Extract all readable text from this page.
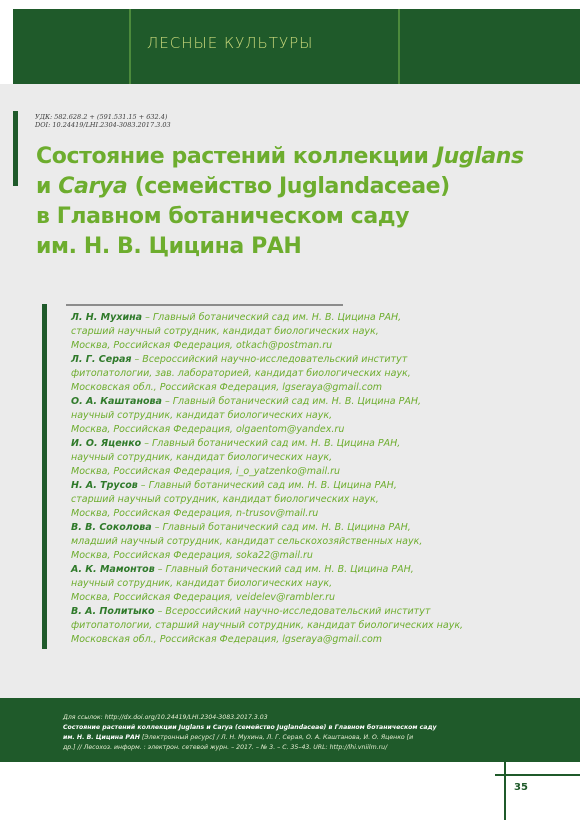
ЛЕСНЫЕ КУЛЬТУРЫ
УДК: 582.628.2 + (591.531.15 + 632.4)
DOI: 10.24419/LHI.2304-3083.2017.3.03
Состояние растений коллекции Juglans
и Carya (семейство Juglandaceae)
в Главном ботаническом саду
им. Н. В. Цицина РАН
Л. Н. Мухина – Главный ботанический сад им. Н. В. Цицина РАН,
старший научный сотрудник, кандидат биологических наук,
Москва, Российская Федерация, otkach@postman.ru
Л. Г. Серая – Всероссийский научно-исследовательский институт
фитопатологии, зав. лабораторией, кандидат биологических наук,
Московская обл., Российская Федерация, lgseraya@gmail.com
О. А. Каштанова – Главный ботанический сад им. Н. В. Цицина РАН,
научный сотрудник, кандидат биологических наук,
Москва, Российская Федерация, olgaentom@yandex.ru
И. О. Яценко – Главный ботанический сад им. Н. В. Цицина РАН,
научный сотрудник, кандидат биологических наук,
Москва, Российская Федерация, i_o_yatzenko@mail.ru
Н. А. Трусов – Главный ботанический сад им. Н. В. Цицина РАН,
старший научный сотрудник, кандидат биологических наук,
Москва, Российская Федерация, n-trusov@mail.ru
В. В. Соколова – Главный ботанический сад им. Н. В. Цицина РАН,
младший научный сотрудник, кандидат сельскохозяйственных наук,
Москва, Российская Федерация, soka22@mail.ru
А. К. Мамонтов – Главный ботанический сад им. Н. В. Цицина РАН,
научный сотрудник, кандидат биологических наук,
Москва, Российская Федерация, veidelev@rambler.ru
В. А. Политыко – Всероссийский научно-исследовательский институт
фитопатологии, старший научный сотрудник, кандидат биологических наук,
Московская обл., Российская Федерация, lgseraya@gmail.com
Для ссылок: http://dx.doi.org/10.24419/LHI.2304-3083.2017.3.03
Состояние растений коллекции Juglans и Carya (семейство Juglandaceae) в Главном ботаническом саду
им. Н. В. Цицина РАН [Электронный ресурс] / Л. Н. Мухина, Л. Г. Серая, О. А. Каштанова, И. О. Яценко [и
др.] // Лесохоз. информ. : электрон. сетевой журн. – 2017. – № 3. – С. 35–43. URL: http://lhi.vniilm.ru/
35
